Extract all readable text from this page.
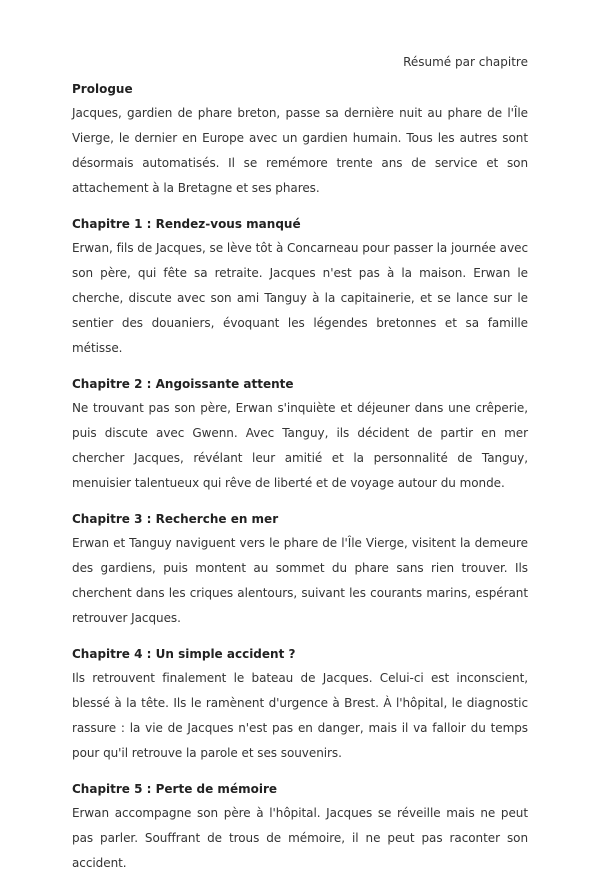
Résumé par chapitre
Prologue

Jacques, gardien de phare breton, passe sa dernière nuit au phare de l'Île Vierge, le dernier en Europe avec un gardien humain. Tous les autres sont désormais automatisés. Il se remémore trente ans de service et son attachement à la Bretagne et ses phares.

Chapitre 1 : Rendez-vous manqué

Erwan, fils de Jacques, se lève tôt à Concarneau pour passer la journée avec son père, qui fête sa retraite. Jacques n'est pas à la maison. Erwan le cherche, discute avec son ami Tanguy à la capitainerie, et se lance sur le sentier des douaniers, évoquant les légendes bretonnes et sa famille métisse.

Chapitre 2 : Angoissante attente

Ne trouvant pas son père, Erwan s'inquiète et déjeuner dans une crêperie, puis discute avec Gwenn. Avec Tanguy, ils décident de partir en mer chercher Jacques, révélant leur amitié et la personnalité de Tanguy, menuisier talentueux qui rêve de liberté et de voyage autour du monde.

Chapitre 3 : Recherche en mer

Erwan et Tanguy naviguent vers le phare de l'Île Vierge, visitent la demeure des gardiens, puis montent au sommet du phare sans rien trouver. Ils cherchent dans les criques alentours, suivant les courants marins, espérant retrouver Jacques.

Chapitre 4 : Un simple accident ?

Ils retrouvent finalement le bateau de Jacques. Celui-ci est inconscient, blessé à la tête. Ils le ramènent d'urgence à Brest. À l'hôpital, le diagnostic rassure : la vie de Jacques n'est pas en danger, mais il va falloir du temps pour qu'il retrouve la parole et ses souvenirs.

Chapitre 5 : Perte de mémoire

Erwan accompagne son père à l'hôpital. Jacques se réveille mais ne peut pas parler. Souffrant de trous de mémoire, il ne peut pas raconter son accident.
